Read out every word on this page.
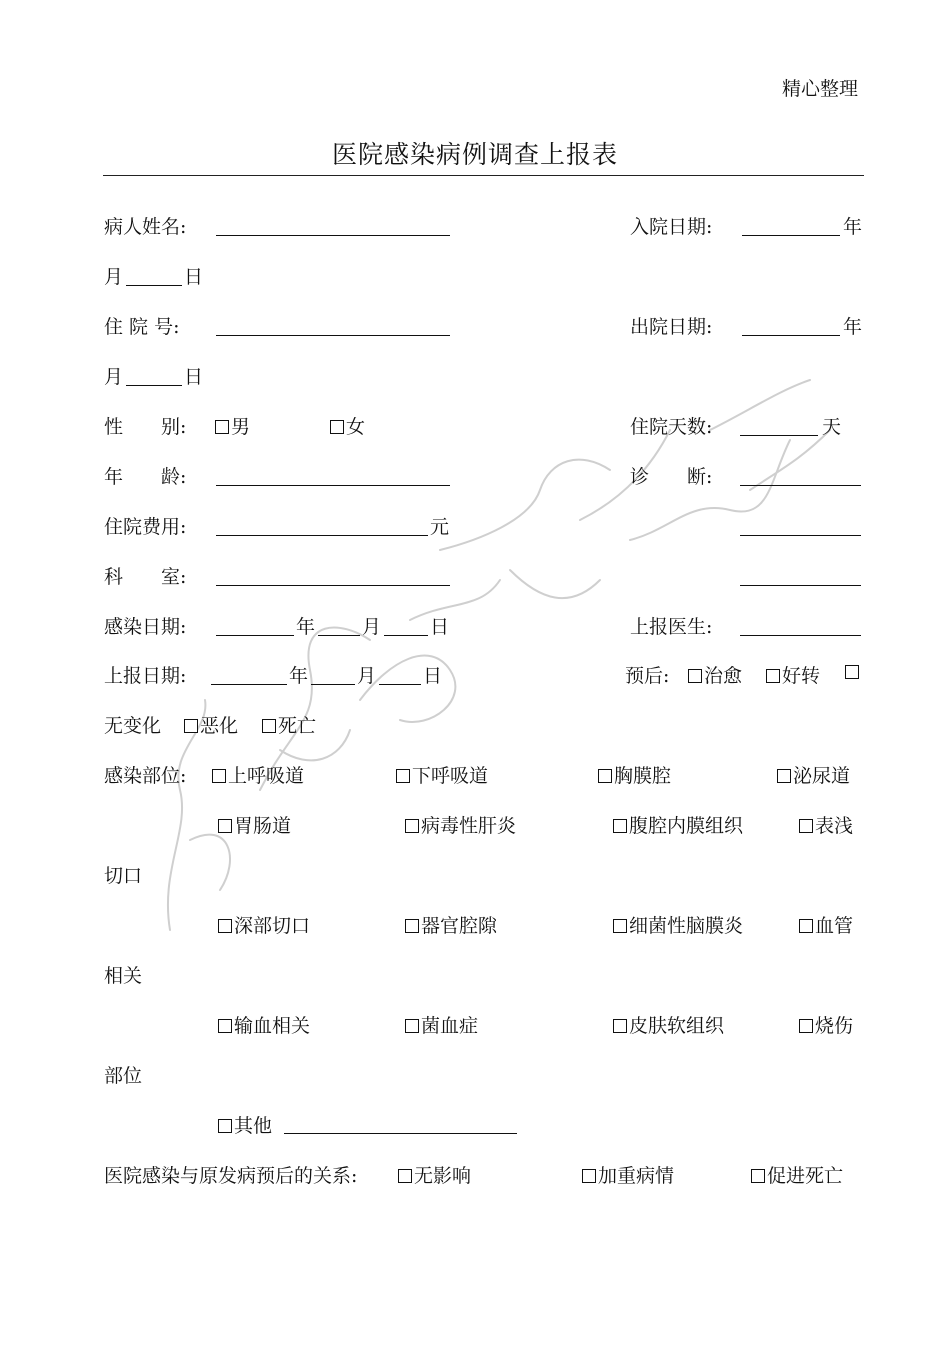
精心整理
医院感染病例调查上报表
病人姓名:	入院日期:	年
月	日
住 院 号:	出院日期:	年
月	日
性　　别:	男	女	住院天数:	天
年　　龄:	诊　　断:
住院费用:	元
科　　室:
感染日期:	年 月	日	上报医生:
上报日期:	年	月 日	预后:	治愈	好转
无变化	恶化	死亡
感染部位:	上呼吸道	下呼吸道	胸膜腔	泌尿道
胃肠道	病毒性肝炎	腹腔内膜组织	表浅
切口
深部切口	器官腔隙	细菌性脑膜炎	血管
相关
输血相关	菌血症	皮肤软组织	烧伤
部位
其他
医院感染与原发病预后的关系:	无影响	加重病情	促进死亡
